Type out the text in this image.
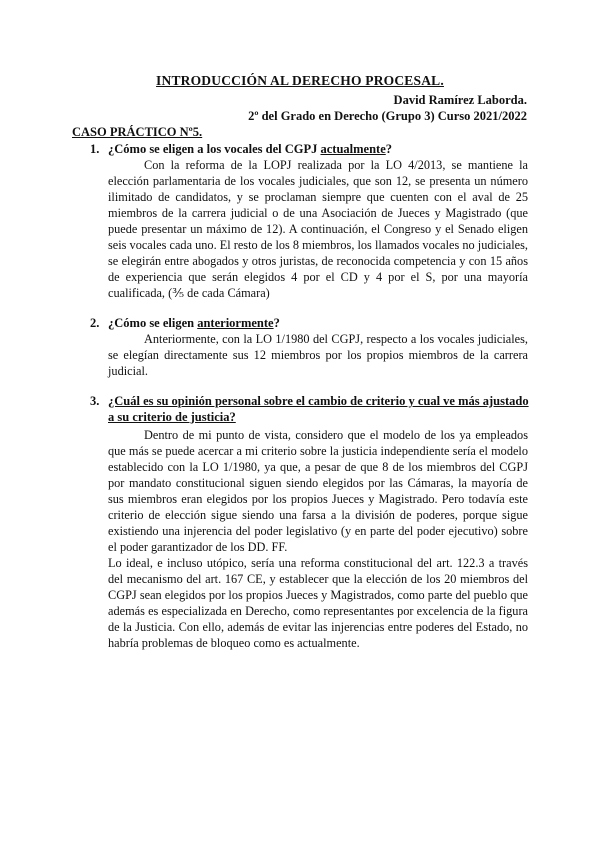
INTRODUCCIÓN AL DERECHO PROCESAL.
David Ramírez Laborda.
2º del Grado en Derecho (Grupo 3) Curso 2021/2022
CASO PRÁCTICO Nº5.
1. ¿Cómo se eligen a los vocales del CGPJ actualmente?
Con la reforma de la LOPJ realizada por la LO 4/2013, se mantiene la elección parlamentaria de los vocales judiciales, que son 12, se presenta un número ilimitado de candidatos, y se proclaman siempre que cuenten con el aval de 25 miembros de la carrera judicial o de una Asociación de Jueces y Magistrado (que puede presentar un máximo de 12). A continuación, el Congreso y el Senado eligen seis vocales cada uno. El resto de los 8 miembros, los llamados vocales no judiciales, se elegirán entre abogados y otros juristas, de reconocida competencia y con 15 años de experiencia que serán elegidos 4 por el CD y 4 por el S, por una mayoría cualificada, (⅗ de cada Cámara)
2. ¿Cómo se eligen anteriormente?
Anteriormente, con la LO 1/1980 del CGPJ, respecto a los vocales judiciales, se elegían directamente sus 12 miembros por los propios miembros de la carrera judicial.
3. ¿Cuál es su opinión personal sobre el cambio de criterio y cual ve más ajustado a su criterio de justicia?
Dentro de mi punto de vista, considero que el modelo de los ya empleados que más se puede acercar a mi criterio sobre la justicia independiente sería el modelo establecido con la LO 1/1980, ya que, a pesar de que 8 de los miembros del CGPJ por mandato constitucional siguen siendo elegidos por las Cámaras, la mayoría de sus miembros eran elegidos por los propios Jueces y Magistrado. Pero todavía este criterio de elección sigue siendo una farsa a la división de poderes, porque sigue existiendo una injerencia del poder legislativo (y en parte del poder ejecutivo) sobre el poder garantizador de los DD. FF.
Lo ideal, e incluso utópico, sería una reforma constitucional del art. 122.3 a través del mecanismo del art. 167 CE, y establecer que la elección de los 20 miembros del CGPJ sean elegidos por los propios Jueces y Magistrados, como parte del pueblo que además es especializada en Derecho, como representantes por excelencia de la figura de la Justicia. Con ello, además de evitar las injerencias entre poderes del Estado, no habría problemas de bloqueo como es actualmente.
